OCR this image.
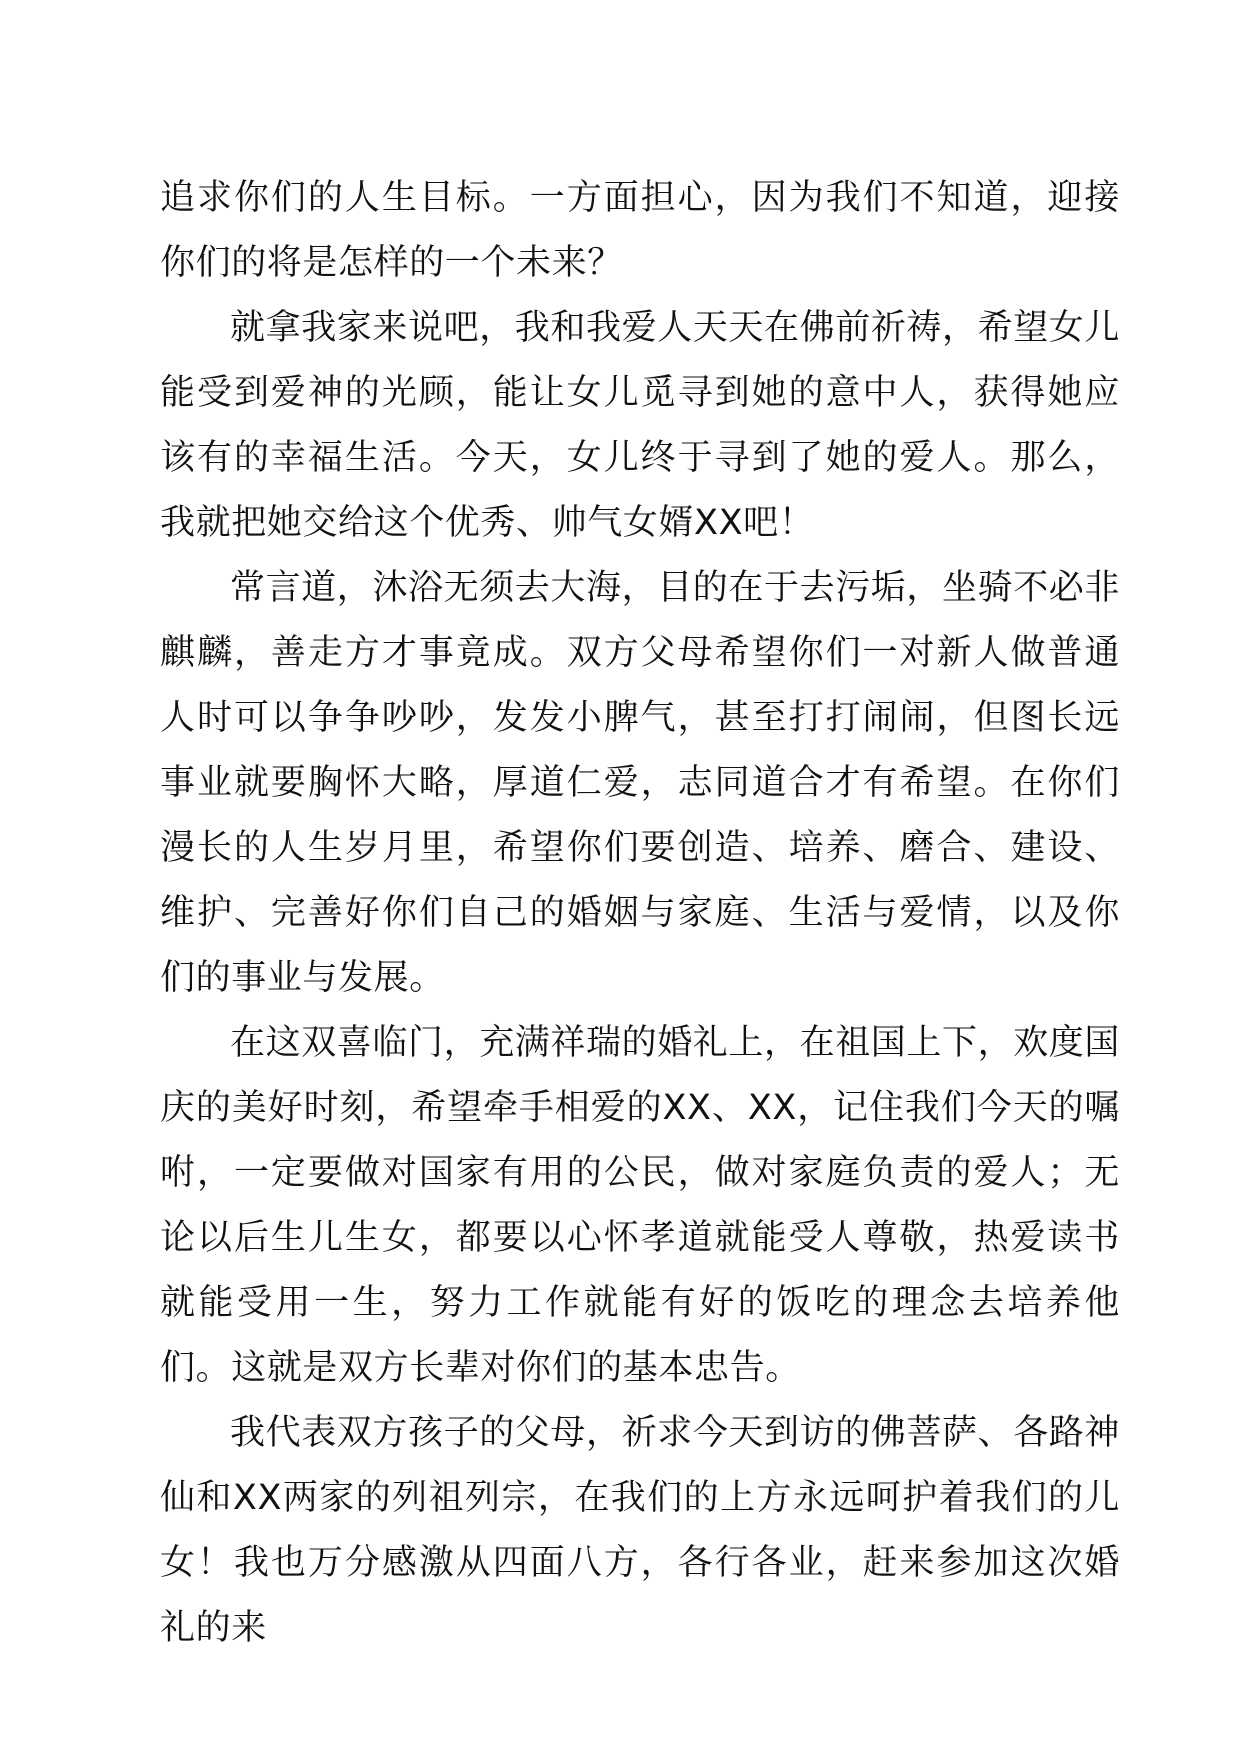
追求你们的人生目标。一方面担心，因为我们不知道，迎接你们的将是怎样的一个未来？

就拿我家来说吧，我和我爱人天天在佛前祈祷，希望女儿能受到爱神的光顾，能让女儿觅寻到她的意中人，获得她应该有的幸福生活。今天，女儿终于寻到了她的爱人。那么，我就把她交给这个优秀、帅气女婿XX吧！

常言道，沐浴无须去大海，目的在于去污垢，坐骑不必非麒麟，善走方才事竟成。双方父母希望你们一对新人做普通人时可以争争吵吵，发发小脾气，甚至打打闹闹，但图长远事业就要胸怀大略，厚道仁爱，志同道合才有希望。在你们漫长的人生岁月里，希望你们要创造、培养、磨合、建设、维护、完善好你们自己的婚姻与家庭、生活与爱情，以及你们的事业与发展。

在这双喜临门，充满祥瑞的婚礼上，在祖国上下，欢度国庆的美好时刻，希望牵手相爱的XX、XX，记住我们今天的嘱咐，一定要做对国家有用的公民，做对家庭负责的爱人；无论以后生儿生女，都要以心怀孝道就能受人尊敬，热爱读书就能受用一生，努力工作就能有好的饭吃的理念去培养他们。这就是双方长辈对你们的基本忠告。

我代表双方孩子的父母，祈求今天到访的佛菩萨、各路神仙和XX两家的列祖列宗，在我们的上方永远呵护着我们的儿女！我也万分感激从四面八方，各行各业，赶来参加这次婚礼的来
